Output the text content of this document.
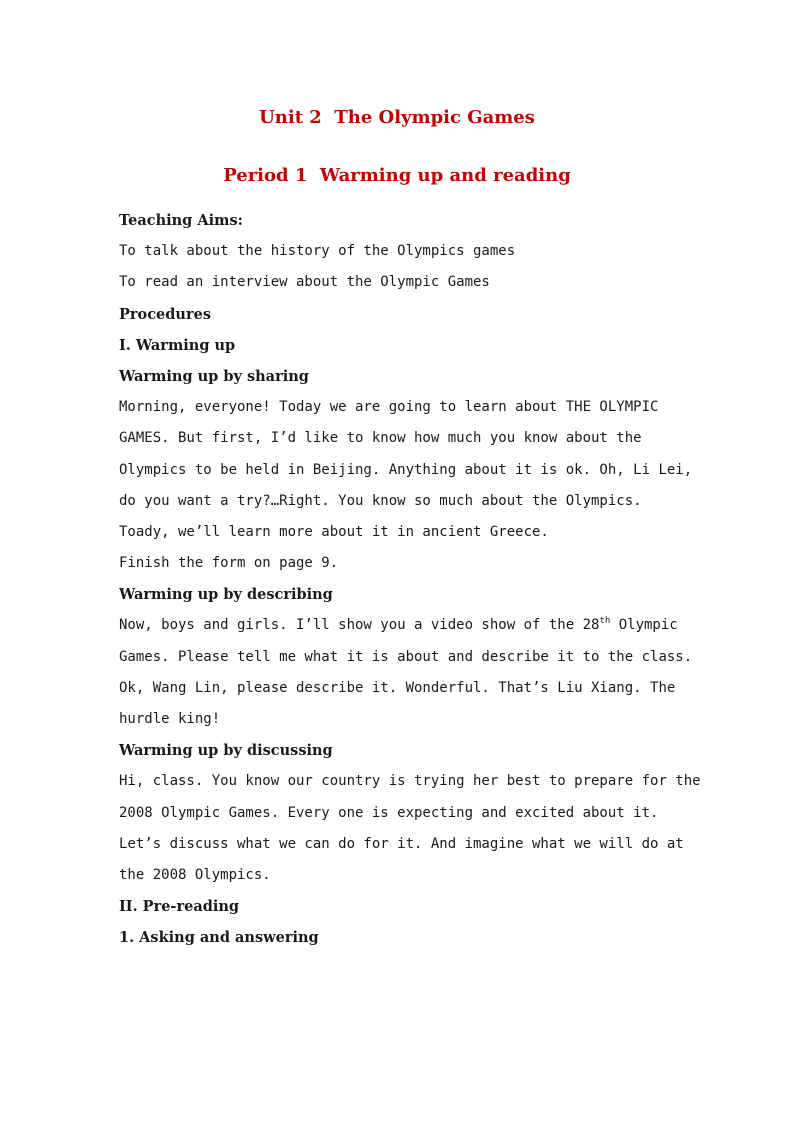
Unit 2  The Olympic Games
Period 1  Warming up and reading
Teaching Aims:
To talk about the history of the Olympics games
To read an interview about the Olympic Games
Procedures
I. Warming up
Warming up by sharing
Morning, everyone! Today we are going to learn about THE OLYMPIC
GAMES. But first, I’d like to know how much you know about the
Olympics to be held in Beijing. Anything about it is ok. Oh, Li Lei,
do you want a try?…Right. You know so much about the Olympics.
Toady, we’ll learn more about it in ancient Greece.
Finish the form on page 9.
Warming up by describing
Now, boys and girls. I’ll show you a video show of the 28th Olympic
Games. Please tell me what it is about and describe it to the class.
Ok, Wang Lin, please describe it. Wonderful. That’s Liu Xiang. The
hurdle king!
Warming up by discussing
Hi, class. You know our country is trying her best to prepare for the
2008 Olympic Games. Every one is expecting and excited about it.
Let’s discuss what we can do for it. And imagine what we will do at
the 2008 Olympics.
II. Pre-reading
1. Asking and answering
